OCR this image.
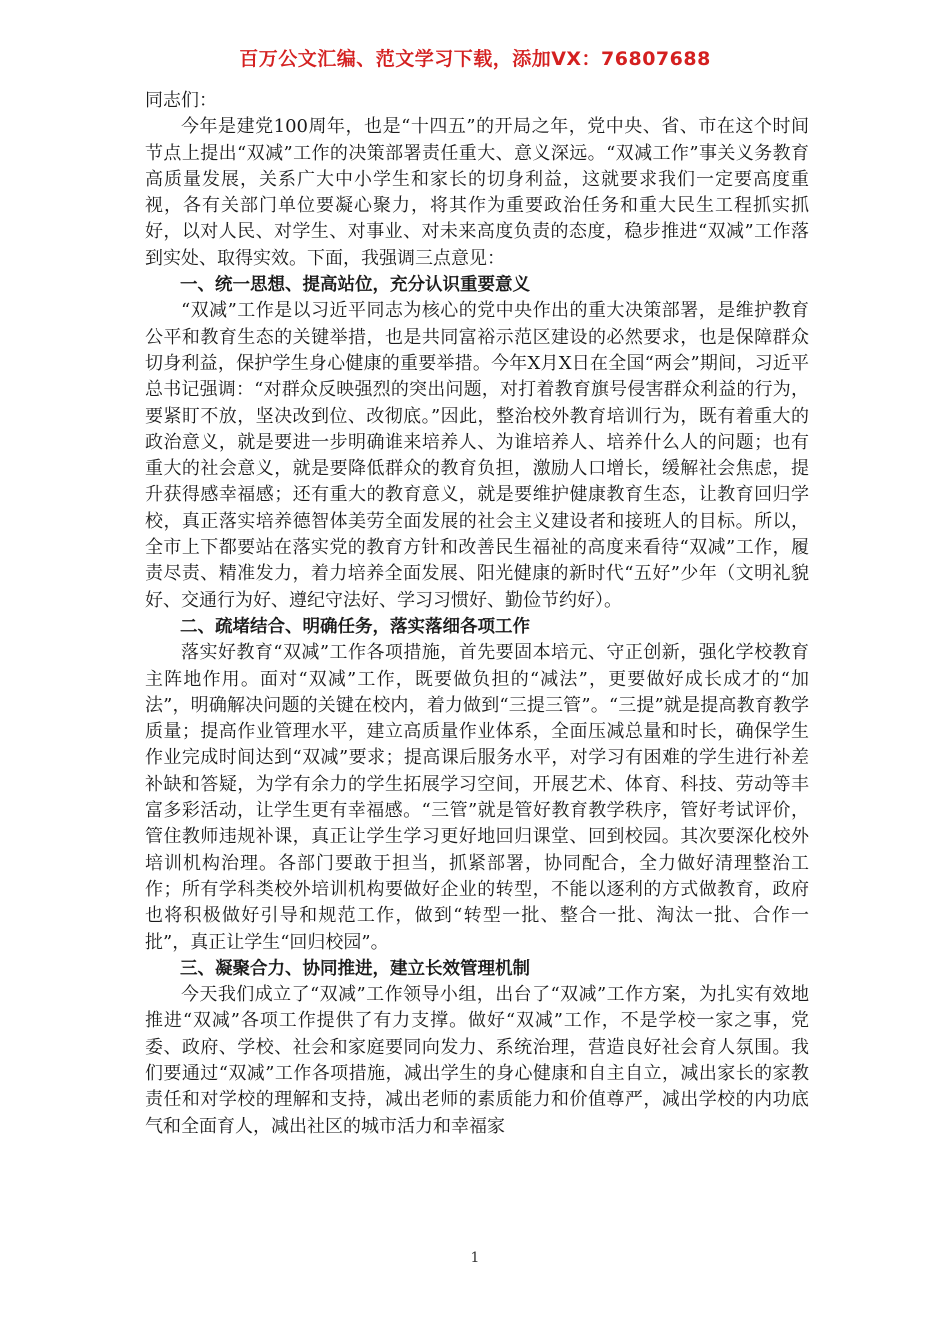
百万公文汇编、范文学习下载，添加VX：76807688

同志们：

今年是建党100周年，也是“十四五”的开局之年，党中央、省、市在这个时间节点上提出“双减”工作的决策部署责任重大、意义深远。“双减工作”事关义务教育高质量发展，关系广大中小学生和家长的切身利益，这就要求我们一定要高度重视，各有关部门单位要凝心聚力，将其作为重要政治任务和重大民生工程抓实抓好，以对人民、对学生、对事业、对未来高度负责的态度，稳步推进“双减”工作落到实处、取得实效。下面，我强调三点意见：

一、统一思想、提高站位，充分认识重要意义

“双减”工作是以习近平同志为核心的党中央作出的重大决策部署，是维护教育公平和教育生态的关键举措，也是共同富裕示范区建设的必然要求，也是保障群众切身利益，保护学生身心健康的重要举措。今年X月X日在全国“两会”期间，习近平总书记强调：“对群众反映强烈的突出问题，对打着教育旗号侵害群众利益的行为，要紧盯不放，坚决改到位、改彻底。”因此，整治校外教育培训行为，既有着重大的政治意义，就是要进一步明确谁来培养人、为谁培养人、培养什么人的问题；也有重大的社会意义，就是要降低群众的教育负担，激励人口增长，缓解社会焦虑，提升获得感幸福感；还有重大的教育意义，就是要维护健康教育生态，让教育回归学校，真正落实培养德智体美劳全面发展的社会主义建设者和接班人的目标。所以，全市上下都要站在落实党的教育方针和改善民生福祉的高度来看待“双减”工作，履责尽责、精准发力，着力培养全面发展、阳光健康的新时代“五好”少年（文明礼貌好、交通行为好、遵纪守法好、学习习惯好、勤俭节约好）。

二、疏堵结合、明确任务，落实落细各项工作

落实好教育“双减”工作各项措施，首先要固本培元、守正创新，强化学校教育主阵地作用。面对“双减”工作，既要做负担的“减法”，更要做好成长成才的“加法”，明确解决问题的关键在校内，着力做到“三提三管”。“三提”就是提高教育教学质量；提高作业管理水平，建立高质量作业体系，全面压减总量和时长，确保学生作业完成时间达到“双减”要求；提高课后服务水平，对学习有困难的学生进行补差补缺和答疑，为学有余力的学生拓展学习空间，开展艺术、体育、科技、劳动等丰富多彩活动，让学生更有幸福感。“三管”就是管好教育教学秩序，管好考试评价，管住教师违规补课，真正让学生学习更好地回归课堂、回到校园。其次要深化校外培训机构治理。各部门要敢于担当，抓紧部署，协同配合，全力做好清理整治工作；所有学科类校外培训机构要做好企业的转型，不能以逐利的方式做教育，政府也将积极做好引导和规范工作，做到“转型一批、整合一批、淘汰一批、合作一批”，真正让学生“回归校园”。

三、凝聚合力、协同推进，建立长效管理机制

今天我们成立了“双减”工作领导小组，出台了“双减”工作方案，为扎实有效地推进“双减”各项工作提供了有力支撑。做好“双减”工作，不是学校一家之事，党委、政府、学校、社会和家庭要同向发力、系统治理，营造良好社会育人氛围。我们要通过“双减”工作各项措施，减出学生的身心健康和自主自立，减出家长的家教责任和对学校的理解和支持，减出老师的素质能力和价值尊严，减出学校的内功底气和全面育人，减出社区的城市活力和幸福家

1
